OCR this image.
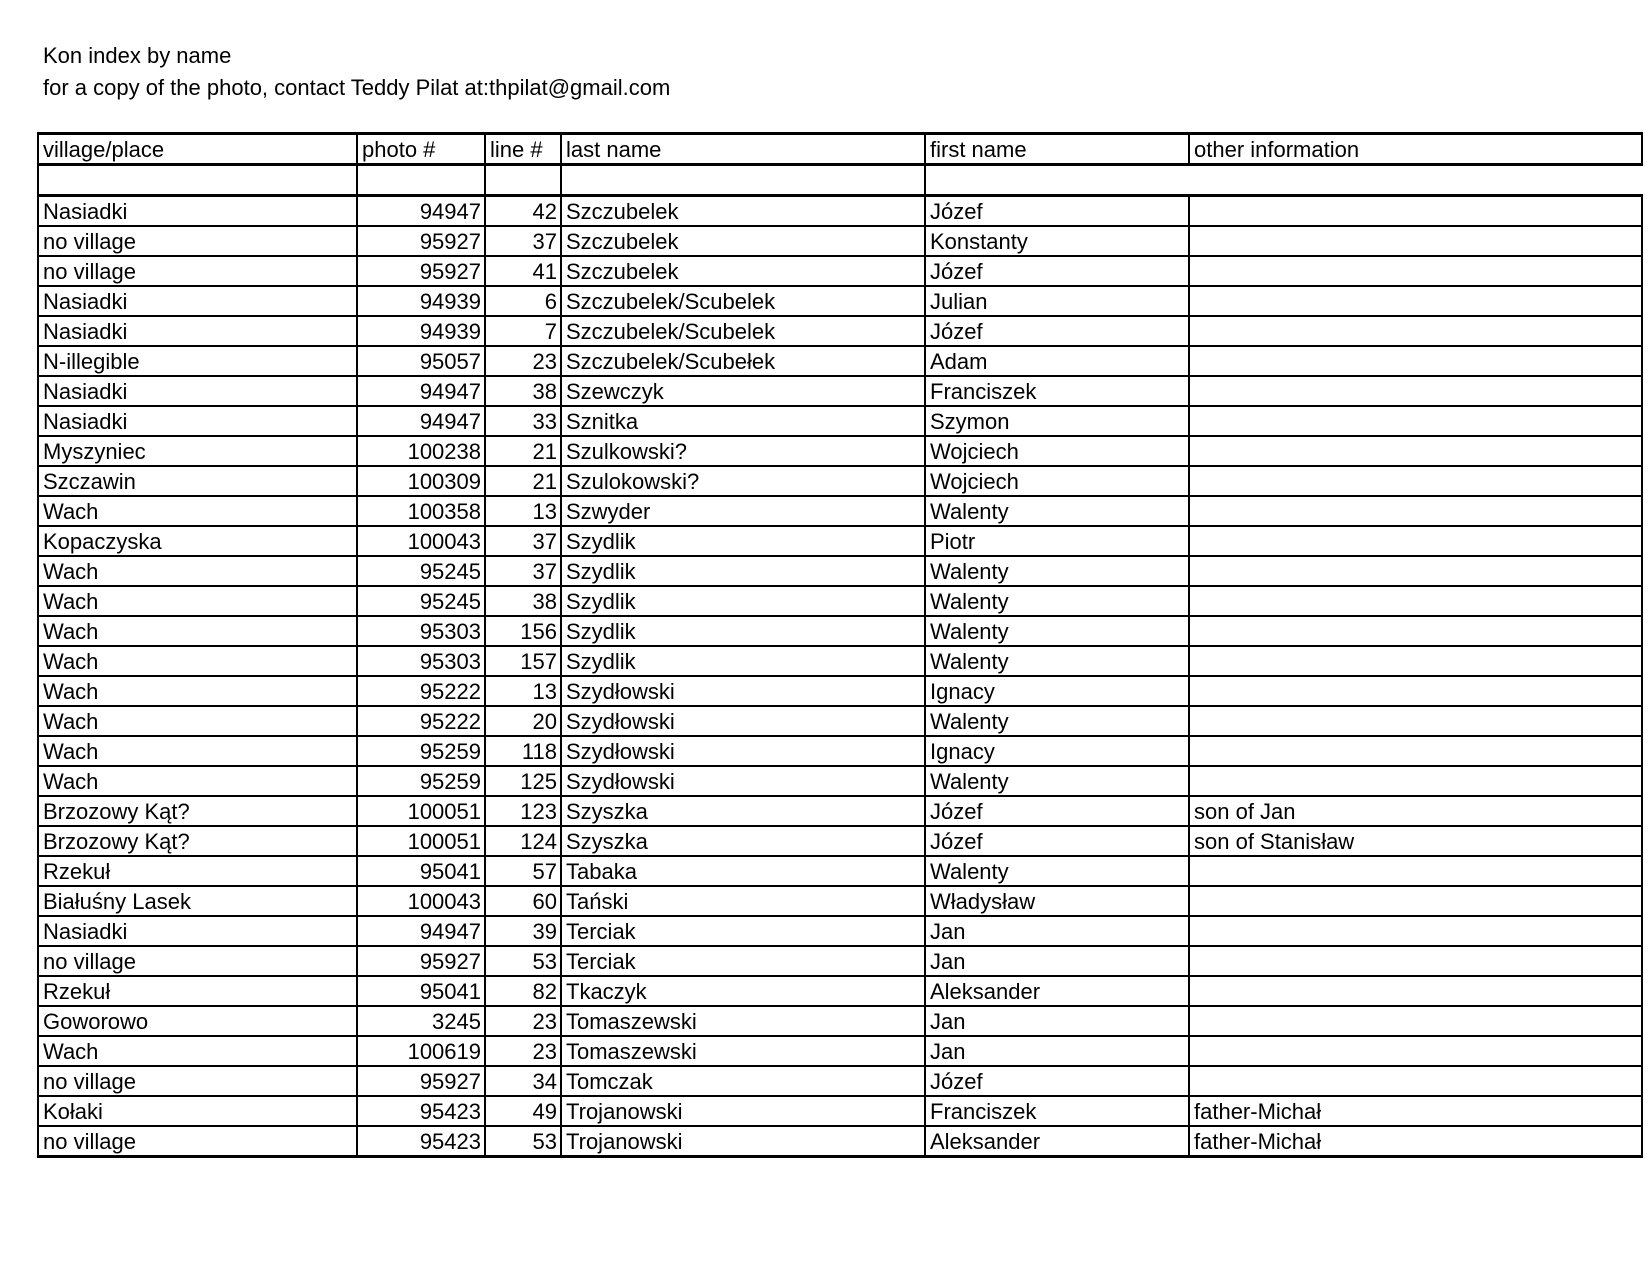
Kon index by name
for a copy of the photo, contact Teddy Pilat at:thpilat@gmail.com
village/place	photo #	line #	last name	first name	other information

Nasiadki	94947	42	Szczubelek	Józef	
no village	95927	37	Szczubelek	Konstanty	
no village	95927	41	Szczubelek	Józef	
Nasiadki	94939	6	Szczubelek/Scubelek	Julian	
Nasiadki	94939	7	Szczubelek/Scubelek	Józef	
N-illegible	95057	23	Szczubelek/Scubełek	Adam	
Nasiadki	94947	38	Szewczyk	Franciszek	
Nasiadki	94947	33	Sznitka	Szymon	
Myszyniec	100238	21	Szulkowski?	Wojciech	
Szczawin	100309	21	Szulokowski?	Wojciech	
Wach	100358	13	Szwyder	Walenty	
Kopaczyska	100043	37	Szydlik	Piotr	
Wach	95245	37	Szydlik	Walenty	
Wach	95245	38	Szydlik	Walenty	
Wach	95303	156	Szydlik	Walenty	
Wach	95303	157	Szydlik	Walenty	
Wach	95222	13	Szydłowski	Ignacy	
Wach	95222	20	Szydłowski	Walenty	
Wach	95259	118	Szydłowski	Ignacy	
Wach	95259	125	Szydłowski	Walenty	
Brzozowy Kąt?	100051	123	Szyszka	Józef	son of Jan
Brzozowy Kąt?	100051	124	Szyszka	Józef	son of Stanisław
Rzekuł	95041	57	Tabaka	Walenty	
Białuśny Lasek	100043	60	Tański	Władysław	
Nasiadki	94947	39	Terciak	Jan	
no village	95927	53	Terciak	Jan	
Rzekuł	95041	82	Tkaczyk	Aleksander	
Goworowo	3245	23	Tomaszewski	Jan	
Wach	100619	23	Tomaszewski	Jan	
no village	95927	34	Tomczak	Józef	
Kołaki	95423	49	Trojanowski	Franciszek	father-Michał
no village	95423	53	Trojanowski	Aleksander	father-Michał
